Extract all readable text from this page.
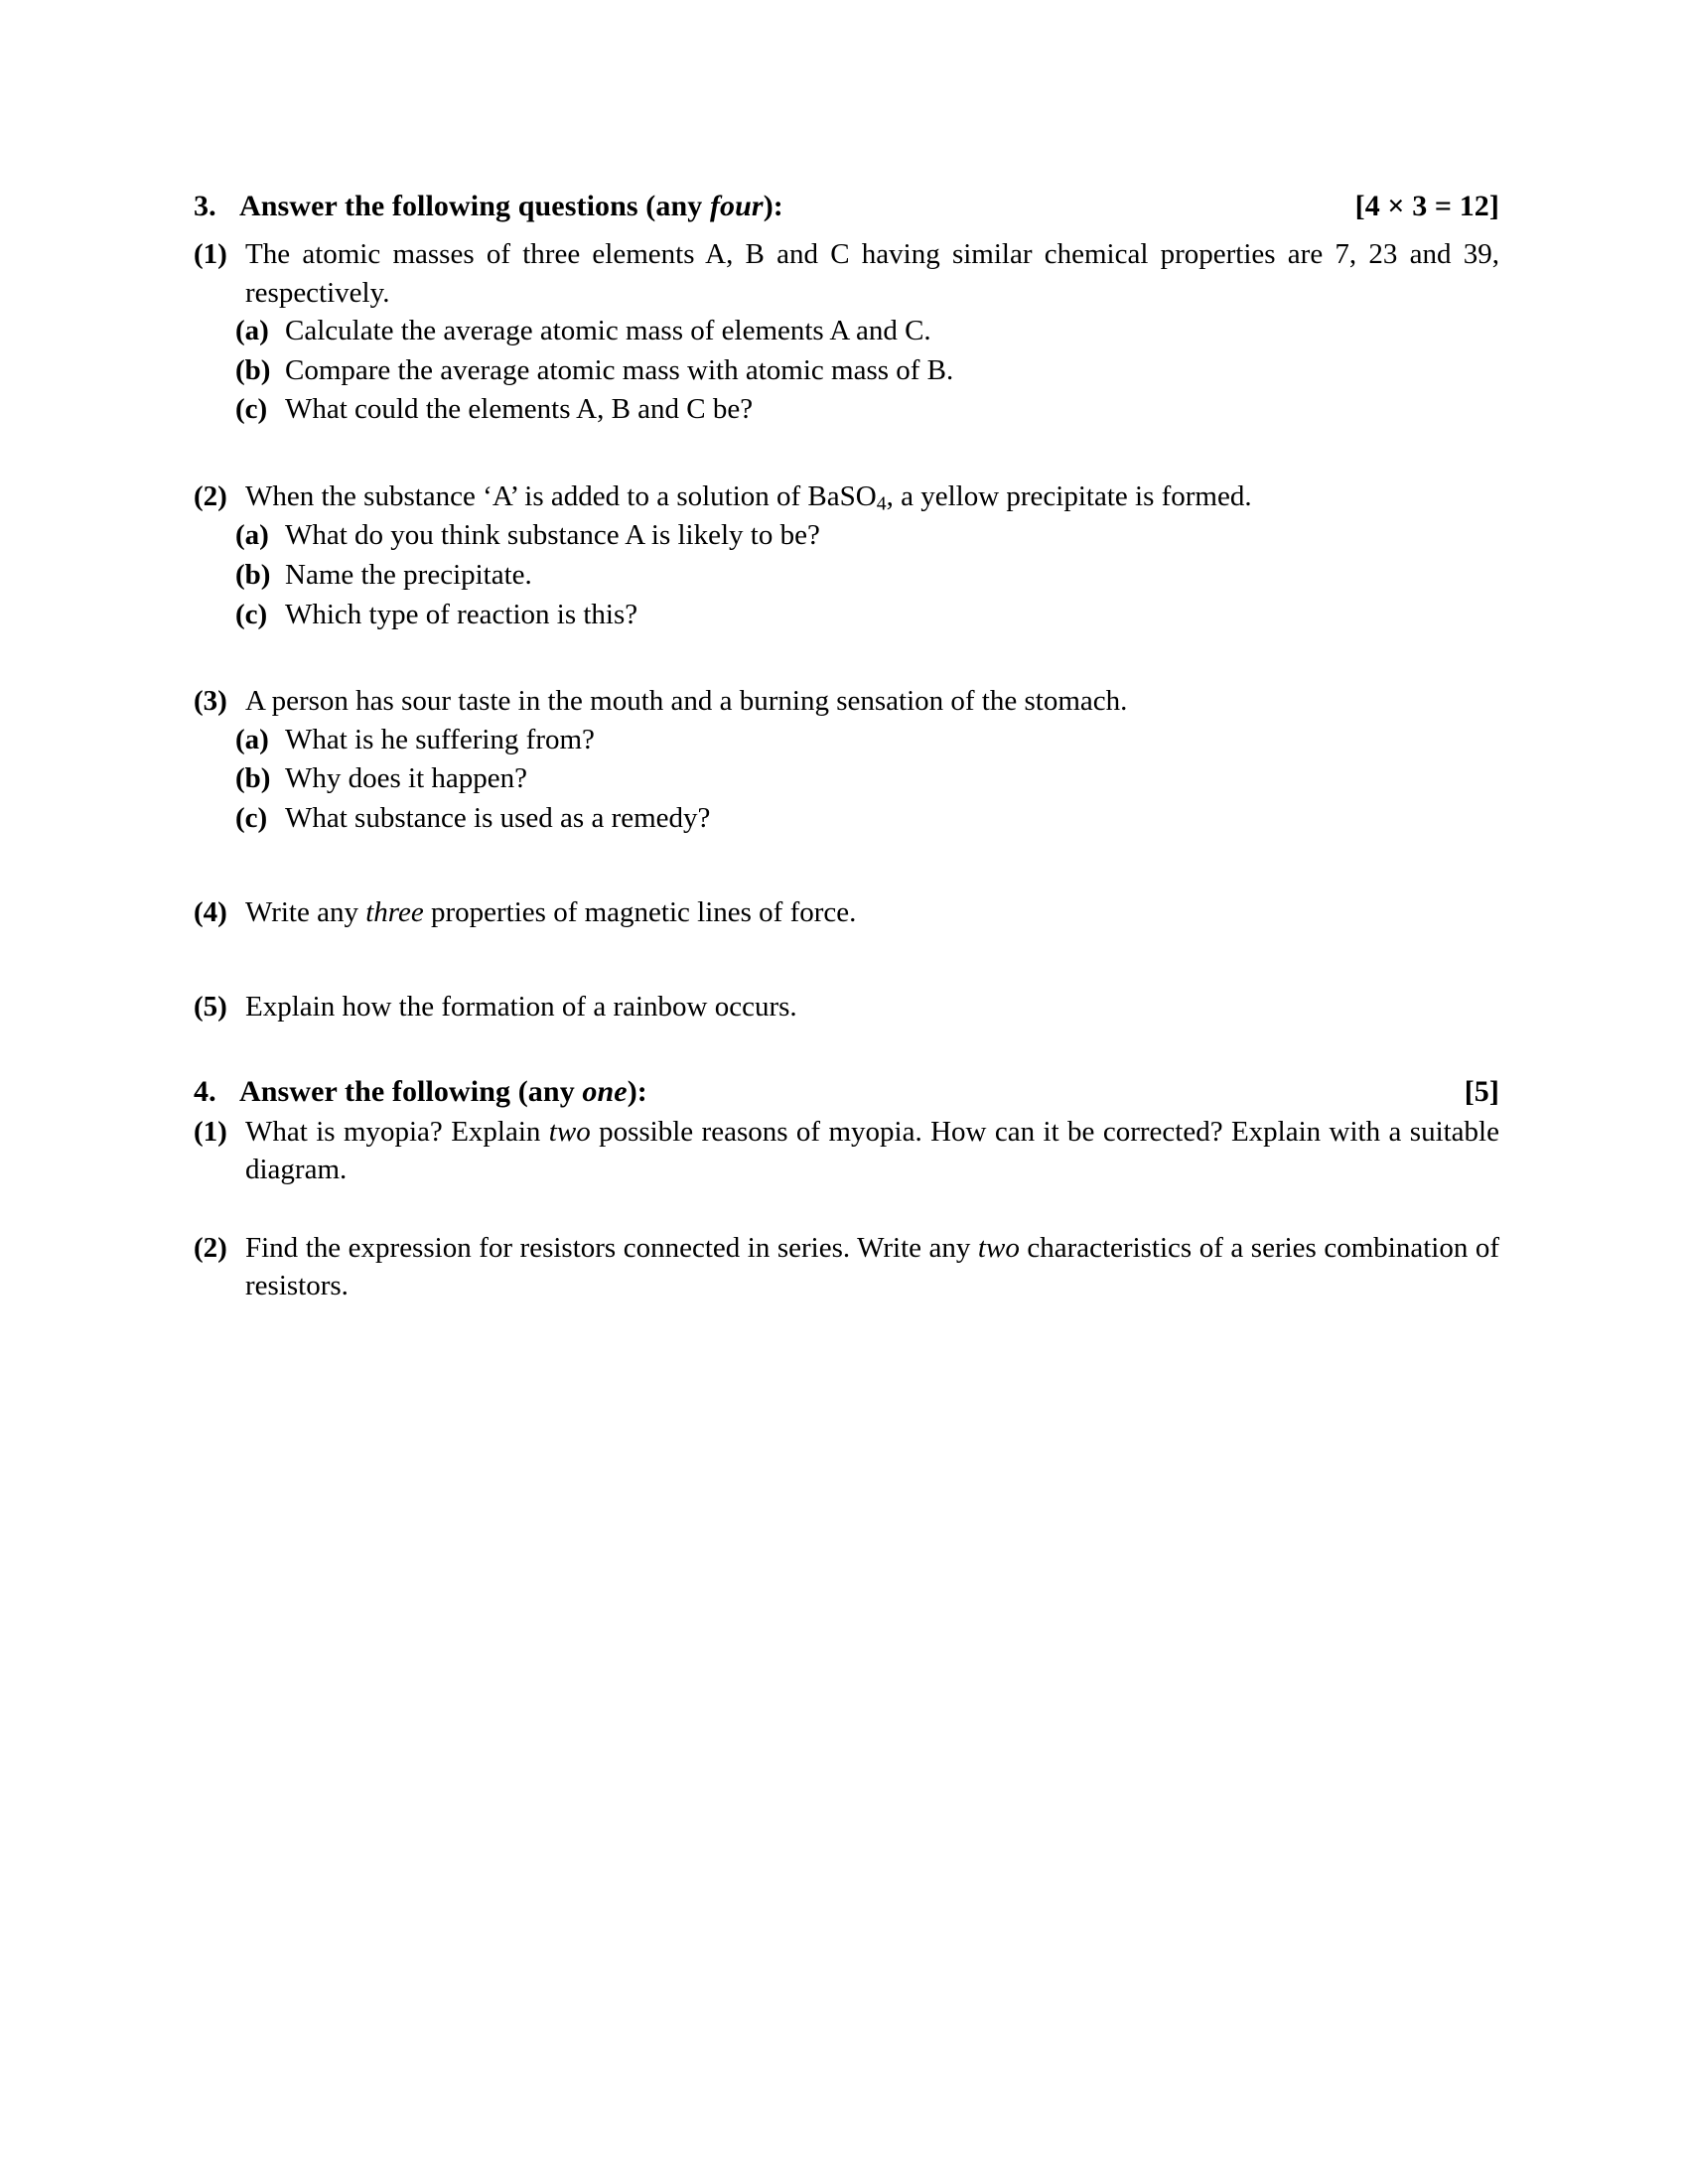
3. Answer the following questions (any four):	[4 × 3 = 12]
(1) The atomic masses of three elements A, B and C having similar chemical properties are 7, 23 and 39, respectively.
(a) Calculate the average atomic mass of elements A and C.
(b) Compare the average atomic mass with atomic mass of B.
(c) What could the elements A, B and C be?
(2) When the substance ‘A’ is added to a solution of BaSO$_4$, a yellow precipitate is formed.
(a) What do you think substance A is likely to be?
(b) Name the precipitate.
(c) Which type of reaction is this?
(3) A person has sour taste in the mouth and a burning sensation of the stomach.
(a) What is he suffering from?
(b) Why does it happen?
(c) What substance is used as a remedy?
(4) Write any three properties of magnetic lines of force.
(5) Explain how the formation of a rainbow occurs.
4. Answer the following (any one):	[5]
(1) What is myopia? Explain two possible reasons of myopia. How can it be corrected? Explain with a suitable diagram.
(2) Find the expression for resistors connected in series. Write any two characteristics of a series combination of resistors.
